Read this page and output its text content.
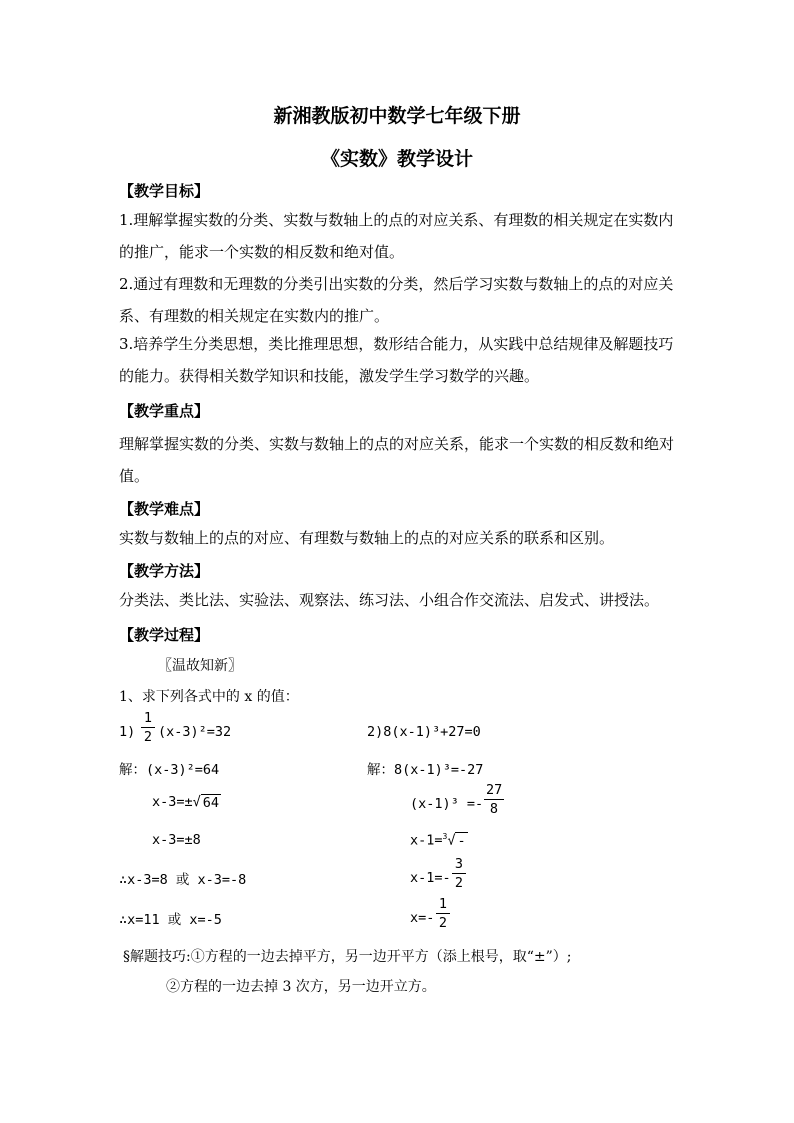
新湘教版初中数学七年级下册
《实数》教学设计
【教学目标】
1.理解掌握实数的分类、实数与数轴上的点的对应关系、有理数的相关规定在实数内的推广，能求一个实数的相反数和绝对值。
2.通过有理数和无理数的分类引出实数的分类，然后学习实数与数轴上的点的对应关系、有理数的相关规定在实数内的推广。
3.培养学生分类思想，类比推理思想，数形结合能力，从实践中总结规律及解题技巧的能力。获得相关数学知识和技能，激发学生学习数学的兴趣。
【教学重点】
理解掌握实数的分类、实数与数轴上的点的对应关系，能求一个实数的相反数和绝对值。
【教学难点】
实数与数轴上的点的对应、有理数与数轴上的点的对应关系的联系和区别。
【教学方法】
分类法、类比法、实验法、观察法、练习法、小组合作交流法、启发式、讲授法。
【教学过程】
〖温故知新〗
1、求下列各式中的 x 的值：
1)
1
2 (x-3)²=32	2)8(x-1)³+27=0
解：(x-3)²=64
x-3=±√ 64
x-3=±8
∴x-3=8 或 x-3=-8
∴x=11 或 x=-5
解：8(x-1)³=-27
(x-1)³ =-
27
8
x-1=$^3$√ -
x-1=-
3
2
x=-
1
2
§解题技巧:①方程的一边去掉平方，另一边开平方（添上根号，取“±”）;
②方程的一边去掉 3 次方，另一边开立方。
